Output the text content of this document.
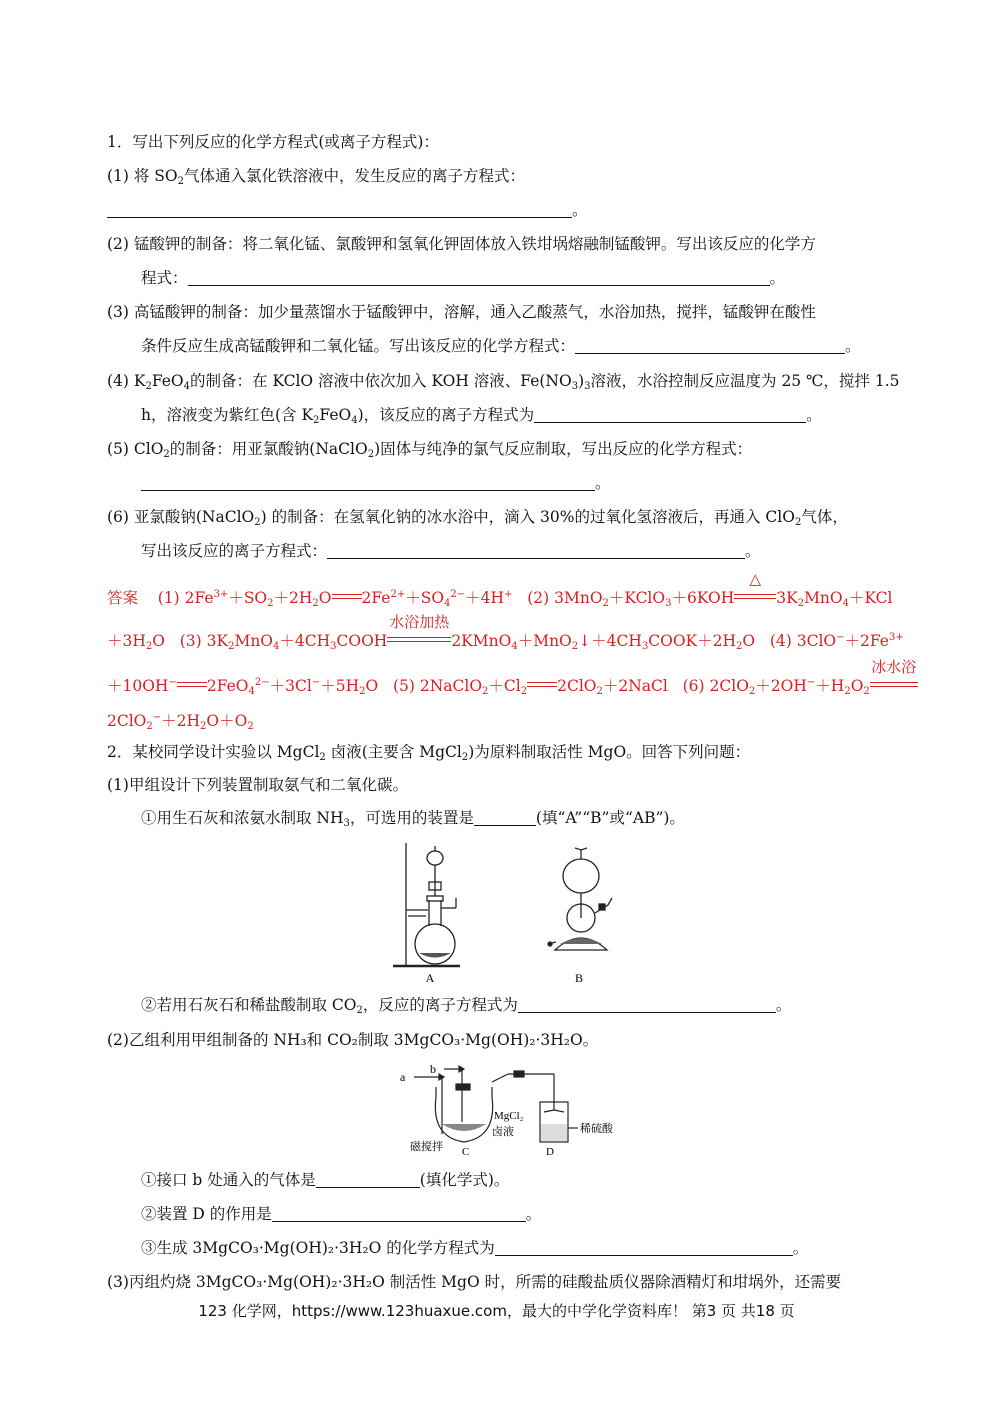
1．写出下列反应的化学方程式(或离子方程式)：
(1) 将 $SO_2$气体通入氯化铁溶液中，发生反应的离子方程式：
。
(2) 锰酸钾的制备：将二氧化锰、氯酸钾和氢氧化钾固体放入铁坩埚熔融制锰酸钾。写出该反应的化学方
程式：	。
(3) 高锰酸钾的制备：加少量蒸馏水于锰酸钾中，溶解，通入乙酸蒸气，水浴加热，搅拌，锰酸钾在酸性
条件反应生成高锰酸钾和二氧化锰。写出该反应的化学方程式：	。
(4) $K_2FeO_4$的制备：在 KClO 溶液中依次加入 KOH 溶液、$Fe(NO_3)_3$溶液，水浴控制反应温度为 25 ℃，搅拌 1.5
h，溶液变为紫红色(含 $K_2FeO_4$)，该反应的离子方程式为	。
(5) ClO$_2$的制备：用亚氯酸钠(NaClO$_2$)固体与纯净的氯气反应制取，写出反应的化学方程式：
。
(6) 亚氯酸钠(NaClO$_2$) 的制备：在氢氧化钠的冰水浴中，滴入 30%的过氧化氢溶液后，再通入 ClO$_2$气体，
写出该反应的离子方程式：	。
答案    (1) $2Fe^{3+}+SO_2+2H_2O$ $2Fe^{2+}+SO_4^{2-}+4H^+$   (2) 3MnO$_2$＋KClO$_3$＋6KOH
△
$3K_2MnO_4+KCl$
$+3H_2O$   (3) $3K_2MnO_4+4CH_3COOH$
水浴加热
$2KMnO_4+MnO_2↓+4CH_3COOK+2H_2O$   (4) $3ClO^-+2Fe^{3+}$
＋10OH− $2FeO_4^{2-}+3Cl^-+5H_2O$   (5) $2NaClO_2+Cl_2$ 2ClO$_2$＋2NaCl   (6) $2ClO_2+2OH^-+H_2O_2$
冰水浴
$2ClO_2^-+2H_2O+O_2$
2．某校同学设计实验以 MgCl$_2$ 卤液(主要含 MgCl$_2$)为原料制取活性 MgO。回答下列问题：
(1)甲组设计下列装置制取氨气和二氧化碳。
①用生石灰和浓氨水制取 $NH_3$，可选用的装置是	(填“A”“B”或“AB”)。
A	B
②若用石灰石和稀盐酸制取 $CO_2$，反应的离子方程式为	。
(2)乙组利用甲组制备的 NH₃和 CO₂制取 3MgCO₃·Mg(OH)₂·3H₂O。
a
b
MgCl₂
卤液
磁搅拌 C	D
稀硫酸
①接口 b 处通入的气体是	(填化学式)。
②装置 D 的作用是	。
③生成 3MgCO₃·Mg(OH)₂·3H₂O 的化学方程式为	。
(3)丙组灼烧 3MgCO₃·Mg(OH)₂·3H₂O 制活性 MgO 时，所需的硅酸盐质仪器除酒精灯和坩埚外，还需要
123 化学网，https://www.123huaxue.com，最大的中学化学资料库！ 第3 页 共18 页
